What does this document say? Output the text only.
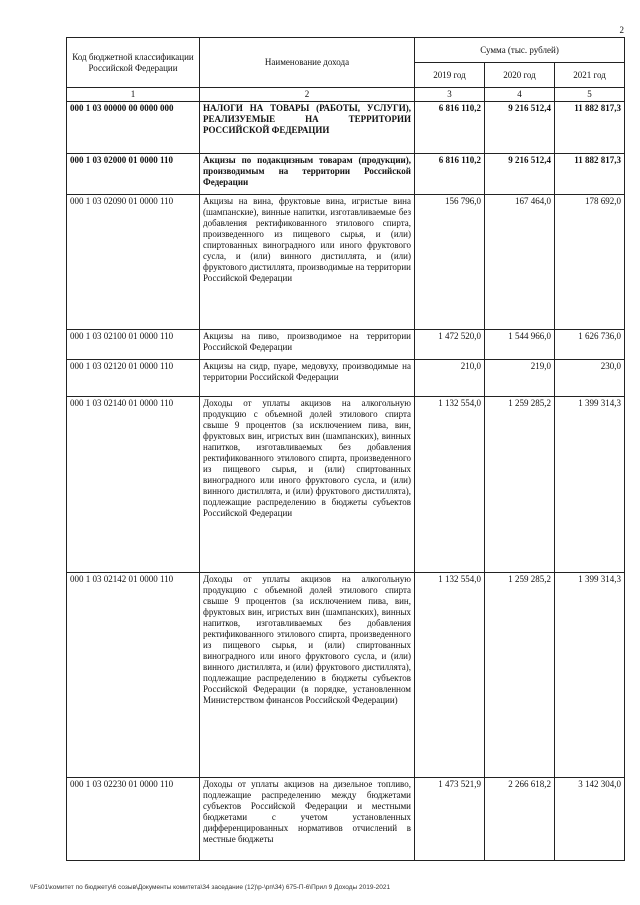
2
Код бюджетной классификации Российской Федерации	Наименование дохода	Сумма (тыс. рублей)		
		2019 год	2020 год	2021 год
1	2	3	4	5
000 1 03 00000 00 0000 000	НАЛОГИ НА ТОВАРЫ (РАБОТЫ, УСЛУГИ), РЕАЛИЗУЕМЫЕ НА ТЕРРИТОРИИ РОССИЙСКОЙ ФЕДЕРАЦИИ	6 816 110,2	9 216 512,4	11 882 817,3
000 1 03 02000 01 0000 110	Акцизы по подакцизным товарам (продукции), производимым на территории Российской Федерации	6 816 110,2	9 216 512,4	11 882 817,3
000 1 03 02090 01 0000 110	Акцизы на вина, фруктовые вина, игристые вина (шампанские), винные напитки, изготавливаемые без добавления ректификованного этилового спирта, произведенного из пищевого сырья, и (или) спиртованных виноградного или иного фруктового сусла, и (или) винного дистиллята, и (или) фруктового дистиллята, производимые на территории Российской Федерации	156 796,0	167 464,0	178 692,0
000 1 03 02100 01 0000 110	Акцизы на пиво, производимое на территории Российской Федерации	1 472 520,0	1 544 966,0	1 626 736,0
000 1 03 02120 01 0000 110	Акцизы на сидр, пуаре, медовуху, производимые на территории Российской Федерации	210,0	219,0	230,0
000 1 03 02140 01 0000 110	Доходы от уплаты акцизов на алкогольную продукцию с объемной долей этилового спирта свыше 9 процентов (за исключением пива, вин, фруктовых вин, игристых вин (шампанских), винных напитков, изготавливаемых без добавления ректификованного этилового спирта, произведенного из пищевого сырья, и (или) спиртованных виноградного или иного фруктового сусла, и (или) винного дистиллята, и (или) фруктового дистиллята), подлежащие распределению в бюджеты субъектов Российской Федерации	1 132 554,0	1 259 285,2	1 399 314,3
000 1 03 02142 01 0000 110	Доходы от уплаты акцизов на алкогольную продукцию с объемной долей этилового спирта свыше 9 процентов (за исключением пива, вин, фруктовых вин, игристых вин (шампанских), винных напитков, изготавливаемых без добавления ректификованного этилового спирта, произведенного из пищевого сырья, и (или) спиртованных виноградного или иного фруктового сусла, и (или) винного дистиллята, и (или) фруктового дистиллята), подлежащие распределению в бюджеты субъектов Российской Федерации (в порядке, установленном Министерством финансов Российской Федерации)	1 132 554,0	1 259 285,2	1 399 314,3
000 1 03 02230 01 0000 110	Доходы от уплаты акцизов на дизельное топливо, подлежащие распределению между бюджетами субъектов Российской Федерации и местными бюджетами с учетом установленных дифференцированных нормативов отчислений в местные бюджеты	1 473 521,9	2 266 618,2	3 142 304,0
\\Fs01\комитет по бюджету\6 созыв\Документы комитета\34 заседание (12)\р-\рп\34) 675-П-6\Прил 9 Доходы 2019-2021
